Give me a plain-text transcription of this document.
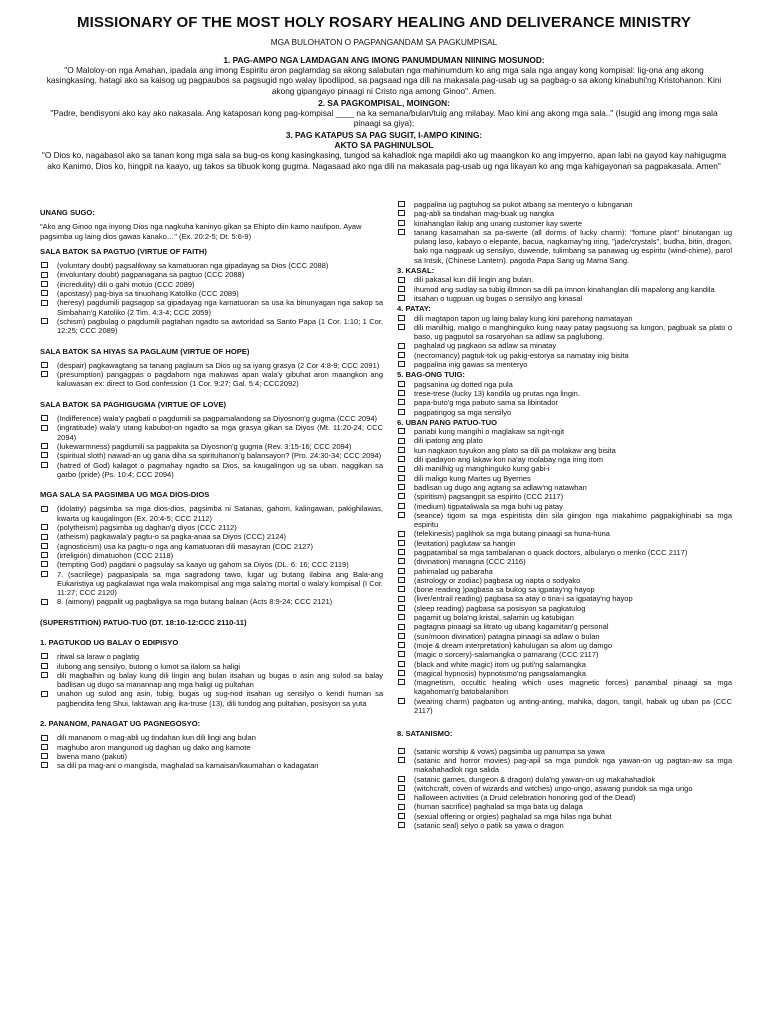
MISSIONARY OF THE MOST HOLY ROSARY HEALING AND DELIVERANCE MINISTRY
MGA BULOHATON O PAGPANGANDAM SA PAGKUMPISAL
1. PAG-AMPO NGA LAMDAGAN ANG IMONG PANUMDUMAN NIINING MOSUNOD:
"O Maloloy-on nga Amahan, ipadala ang imong Espiritu aron paglamdag sa akong salabutan nga mahinumdum ko ang mga sala nga angay kong kompisal: Iig-ona ang akong kasingkasing, hatagi ako sa kaisog ug pagpaubos sa pagsugid ngo walay lipodlipod, sa pagsaad nga dili na makasala pag-usab ug sa pagbag-o sa akong kinabuhi'ng Kristohanon. Kini akong gipangayo pinaagi ni Cristo nga among Ginoo". Amen.
2. SA PAGKOMPISAL, MOINGON:
"Padre, bendisyoni ako kay ako nakasala. Ang kataposan kong pag-kompisal ____ na ka semana/bulan/tuig ang milabay. Mao kini ang akong mga sala.." (Isugid ang imong mga sala pinaagi sa giya);
3. PAG KATAPUS SA PAG SUGIT, I-AMPO KINING:
AKTO SA PAGHINULSOL
"O Dios ko, nagabasol ako sa tanan kong mga sala sa bug-os kong kasingkasing, tungod sa kahadlok nga mapildi ako ug maangkon ko ang impyerno, apan labi na gayod kay nahigugma ako Kanimo, Dios ko, hingpit na kaayo, ug takos sa tibuok kong gugma. Nagasaad ako nga dili na makasala pag-usab ug nga likayan ko ang mga kahigayonan sa pagpakasala. Amen"
UNANG SUGO:
"Ako ang Ginoo nga inyong Dios nga nagkuha kaninyo gikan sa Ehipto diin kamo naulipon. Ayaw pagsimba ug laing dios gawas kanako…" (Ex. 20:2-5; Dt. 5:6-9)
SALA BATOK SA PAGTUO (VIRTUE OF FAITH)
(voluntary doubt) pagsalikway sa kamatuoran nga gipadayag sa Dios (CCC 2088)
(involuntary doubt) pagpanagana sa pagtuo (CCC 2088)
(incredulity) dili o gahi motuo (CCC 2089)
(apostasy) pag-biya sa tinuohang Katoliko (CCC 2089)
(heresy) pagdumili pagsagop sa gipadayag nga kamatuoran sa usa ka binunyagan nga sakop sa Simbahan'g Katoliko (2 Tim. 4:3-4; CCC 2059)
(schism) pagbulag o pagdumili pagtahan ngadto sa awtoridad sa Santo Papa (1 Cor. 1:10; 1 Cor. 12:25; CCC 2089)
SALA BATOK SA HIYAS SA PAGLAUM (VIRTUE OF HOPE)
(despair) pagkawagtang sa tanang paglaum sa Dios ug sa iyang grasya (2 Cor 4:8-9; CCC 2091)
(presumption) pangagpas o pagdahom nga maluwas apan wala'y gibuhat aron maangkon ang kaluwasan ex: direct to God confession (1 Cor. 9:27; Gal. 5:4; CCC2092)
SALA BATOK SA PAGHIGUGMA (VIRTUE OF LOVE)
(Indifference) wala'y pagbati o pagdumili sa pagpamalandong sa Diyosnon'g gugma (CCC 2094)
(ingratitude) wala'y utang kabubot-on ngadto sa mga grasya gikan sa Diyos (Mt. 11:20-24; CCC 2094)
(lukewarmness) pagdumili sa pagpakita sa Diyosnon'g gugma (Rev. 3:15-16; CCC 2094)
(spiritual sloth) nawad-an ug gana diha sa spirituhanon'g balansayon? (Pro. 24:30-34; CCC 2094)
(hatred of God) kalagot o pagmahay ngadto sa Dios, sa kaugalingon ug sa uban. naggikan sa garbo (pride) (Ps. 10:4; CCC 2094)
MGA SALA SA PAGSIMBA UG MGA DIOS-DIOS
(idolatry) pagsimba sa mga dios-dios, pagsimba ni Satanas, gahom, kalingawan, pakighilawas, kwarta ug kaugalingon (Ex. 20:4-5; CCC 2112)
(polytheism) pagsimba ug daghan'g diyos (CCC 2112)
(atheism) pagkawala'y pagtu-o sa pagka-anaa sa Diyos (CCC) 2124)
(agnosticism) usa ka pagtu-o nga ang kamatuoran dili masayran (COC 2127)
(irreligión) dimatuohon (CCC 2118)
(tempting God) pagdani o pagsulay sa kaayo ug gahom sa Diyos (DL. 6: 16; CCC 2119)
7. (sacrilege) pagpasipala sa mga sagradong tawo, lugar ug butang ilabina ang Bala-ang Eukaristiya ug pagkalawat nga wala makompisal ang mga sala'ng mortal o wala'y kompisal (I Cor. 11:27; CCC 2120)
8. (aimony) pagpalit ug pagbaligya sa mga butang balaan (Acts 8:9-24; CCC 2121)
(SUPERSTITION) PATUO-TUO (DT. 18:10-12:CCC 2110-11)
1. PAGTUKOD UG BALAY O EDIPISYO
ritwal sa laraw o paglatig
ilubong ang sensilyo, butong o lumot sa ilalom sa haligi
dili magbalhin ug balay kung dili lingin ang bulan itsahan ug bugas o asin ang sulod sa balay badlisan ug dugo sa manannap ang mga haligi ug pultahan
unahon ug sulod ang asin, tubig, bugas ug sug-nod itsahan ug sensilyo o kendi human sa pagbendita feng Shui, laktawan ang ika-truse (13), dili tundog ang pultahan, posisyon sa yuta
2. PANANOM, PANAGAT UG PAGNEGOSYO:
dili mananom o mag-abli ug tindahan kun dili lingi ang bulan
maghubo aron mangunod ug daghan ug dako ang kamote
bwena mano (pakuti)
sa dili pa mag-ani o mangisda, maghalad sa kamaisan/kaumahan o kadagatan
pagpalina ug pagtuhog sa pukot atbang sa menteryo o lubnganan
pag-abli sa tindahan mag-buak ug nangka
kinahanglan ilakip ang unang customer kay swerte
tanang kasamahan sa pa-swerte (all dorms of lucky charm): "fortune plant" binutangan ug pulang laso, kabayo o elepante, bacua, nagkamay'ng iring, "jade/crystals", budha, bitin, dragon, baki nga nagpaak ug sensilyo, duwende, tulimbang sa panawag ug espiritu (wind-chime), parol sa Intsik, (Chinese Lantern). pagoda Papa Sang ug Mama Sang.
3. KASAL:
dili pakasal kun dili lingin ang bulan.
ihumod ang sudlay sa tubig illmnon sa dili pa imnon kinahanglan dili mapalong ang kandila
itsahan o tugpuan ug bugas o sensilyo ang kinasal
4. PATAY:
dili magtapon tapon ug laing balay kung kini parehong namatayan
dili manilhig, maligo o manghinguko kung naay patay pagsuong sa lungon, pagbuak sa plato o baso, ug pagputol sa rosaryohan sa adlaw sa paglubong.
paghalad ug pagkaon sa adlaw sa minatay
(necromancy) pagtuk-tok ug pakig-estorya sa namatay inig bisita
pagpalina inig gawas sa menteryo
5. BAG-ONG TUIG:
pagsanina ug dotted nga pula
trese-trese (lucky 13) kandila ug prutas nga lingin.
papa-buto'g mga pabuto sama sa libintador
pagpatingog sa mga sensilyo
6. UBAN PANG PATUO-TUO
panabi kung mangihi o maglakaw sa ngit-ngit
dili ipatong ang plato
kun nagkaon tuyukon ang plato sa dili pa molakaw ang bisita
dili ipadayon ang lakaw kon na'ay molabay nga iring itom
dili manilhig ug manghinguko kung gabi-i
dili maligo kung Martes ug Byernes
badlisan ug dugo ang agtang sa adlaw'ng natawhan
(spiritism) pagsangpit sa espirito (CCC 2117)
(medium) tigpataliwala sa mga buhi ug patay
(seance) tigom sa mga espiritista diin sila giingon nga makahimo pagpakighinabi sa mga espiritu
(telekinesis) paglihok sa mga butang pinaagi sa huna-huna
(levitation) paglutaw sa hangin
pagpatambal sa mga tambalanan o quack doctors, albularyo o meriko (CCC 2117)
(divination) managna (CCC 2116)
pahimalad ug pabaraha
(astrology or zodiac) pagbasa ug napta o sodyako
(bone reading )pagbasa sa bukog sa igpatay'ng hayop
(liver/entrail reading) pagbasa sa atay o tina-i sa igpatay'ng hayop
(sleep reading) pagbasa sa posisyon sa pagkatulog
pagamit ug bola'ng kristal, salamin ug katubigan
pagtagna pinaagi sa litrato ug ubang kagamitan'g personal
(sun/moon divination) patagna pinaagi sa adlaw o bulan
(moje & dream interpretation) kahulugan sa alom ug damgo
(magic o sorcery)-salamangka o pamarang (CCC 2117)
(black and white magic) itom ug puti'ng salamangka
(magical hypnosis) hypnotismo'ng pangsalamangka
(magnetism, occultic healing which uses magnetic forces) panambal pinaagi sa mga kagahoman'g batobalanihon
(wearing charm) pagbaton ug anting-anting, mahika, dagon, tangil, habak ug uban pa (CCC 2117)
8. SATANISMO:
(satanic worship & vows) pagsimba ug panumpa sa yawa
(satanic and horror movies) pag-apil sa mga pundok nga yawan-on ug pagtan-aw sa mga makahahadlok nga salida
(satanic games, dungeon & dragon) dula'ng yawan-on ug makahahadlok
(witchcraft, coven of wizards and witches) ungo-ungo, aswang pundok sa mga ungo
halloween activities (a Druid celebration honoring god of the Dead)
(human sacrifice) paghalad sa mga bata ug dalaga
(sexual offering or orgies) paghalad sa mga hilas nga buhat
(satanic seal) selyo o patik sa yawa o dragon
